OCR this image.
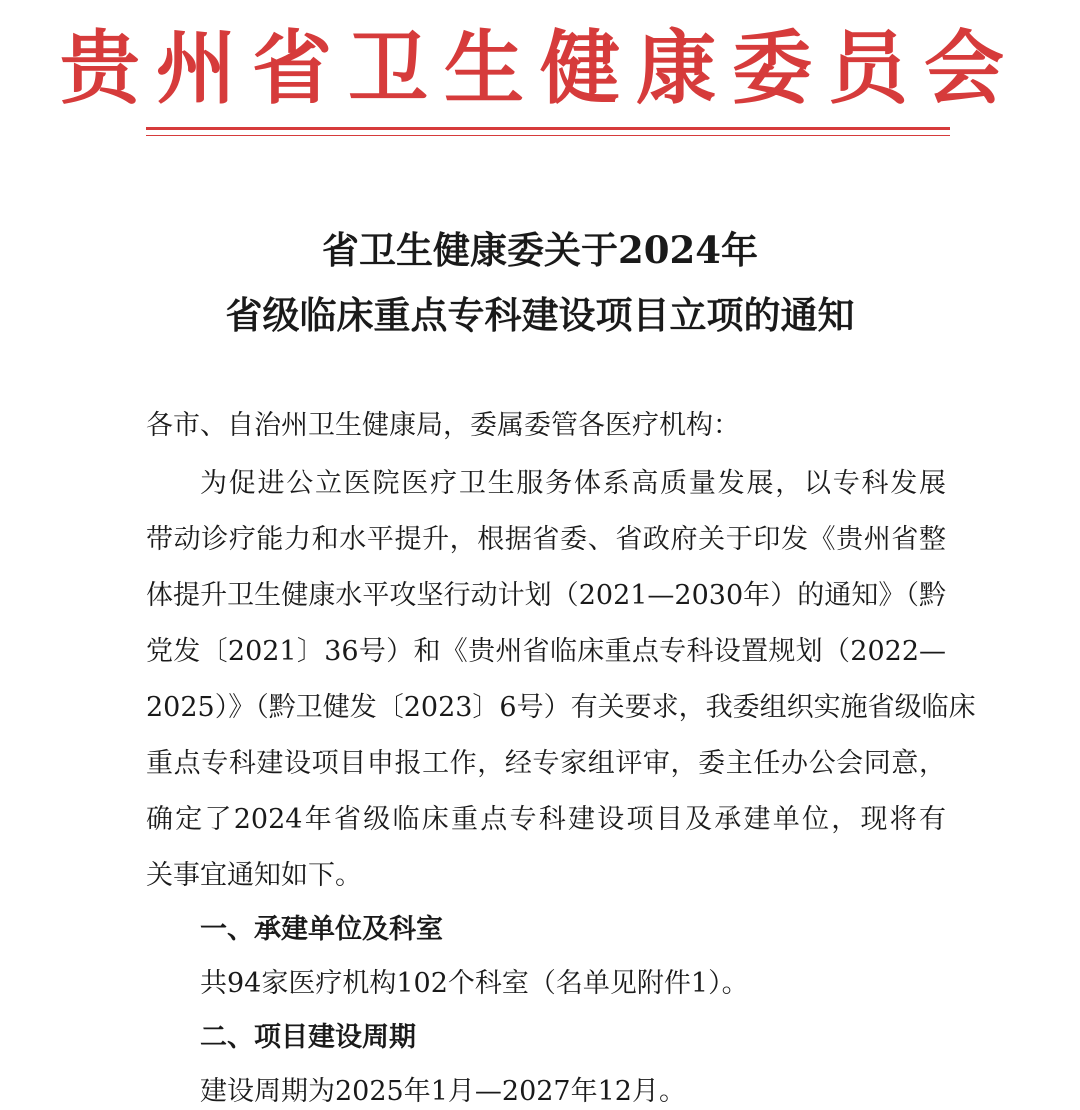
贵州省卫生健康委员会
省卫生健康委关于2024年
省级临床重点专科建设项目立项的通知
各市、自治州卫生健康局，委属委管各医疗机构：
为促进公立医院医疗卫生服务体系高质量发展，以专科发展
带动诊疗能力和水平提升，根据省委、省政府关于印发《贵州省整
体提升卫生健康水平攻坚行动计划（2021—2030年）的通知》（黔
党发〔2021〕36号）和《贵州省临床重点专科设置规划（2022—
2025）》（黔卫健发〔2023〕6号）有关要求，我委组织实施省级临床
重点专科建设项目申报工作，经专家组评审，委主任办公会同意，
确定了2024年省级临床重点专科建设项目及承建单位，现将有
关事宜通知如下。
一、承建单位及科室
共94家医疗机构102个科室（名单见附件1）。
二、项目建设周期
建设周期为2025年1月—2027年12月。
